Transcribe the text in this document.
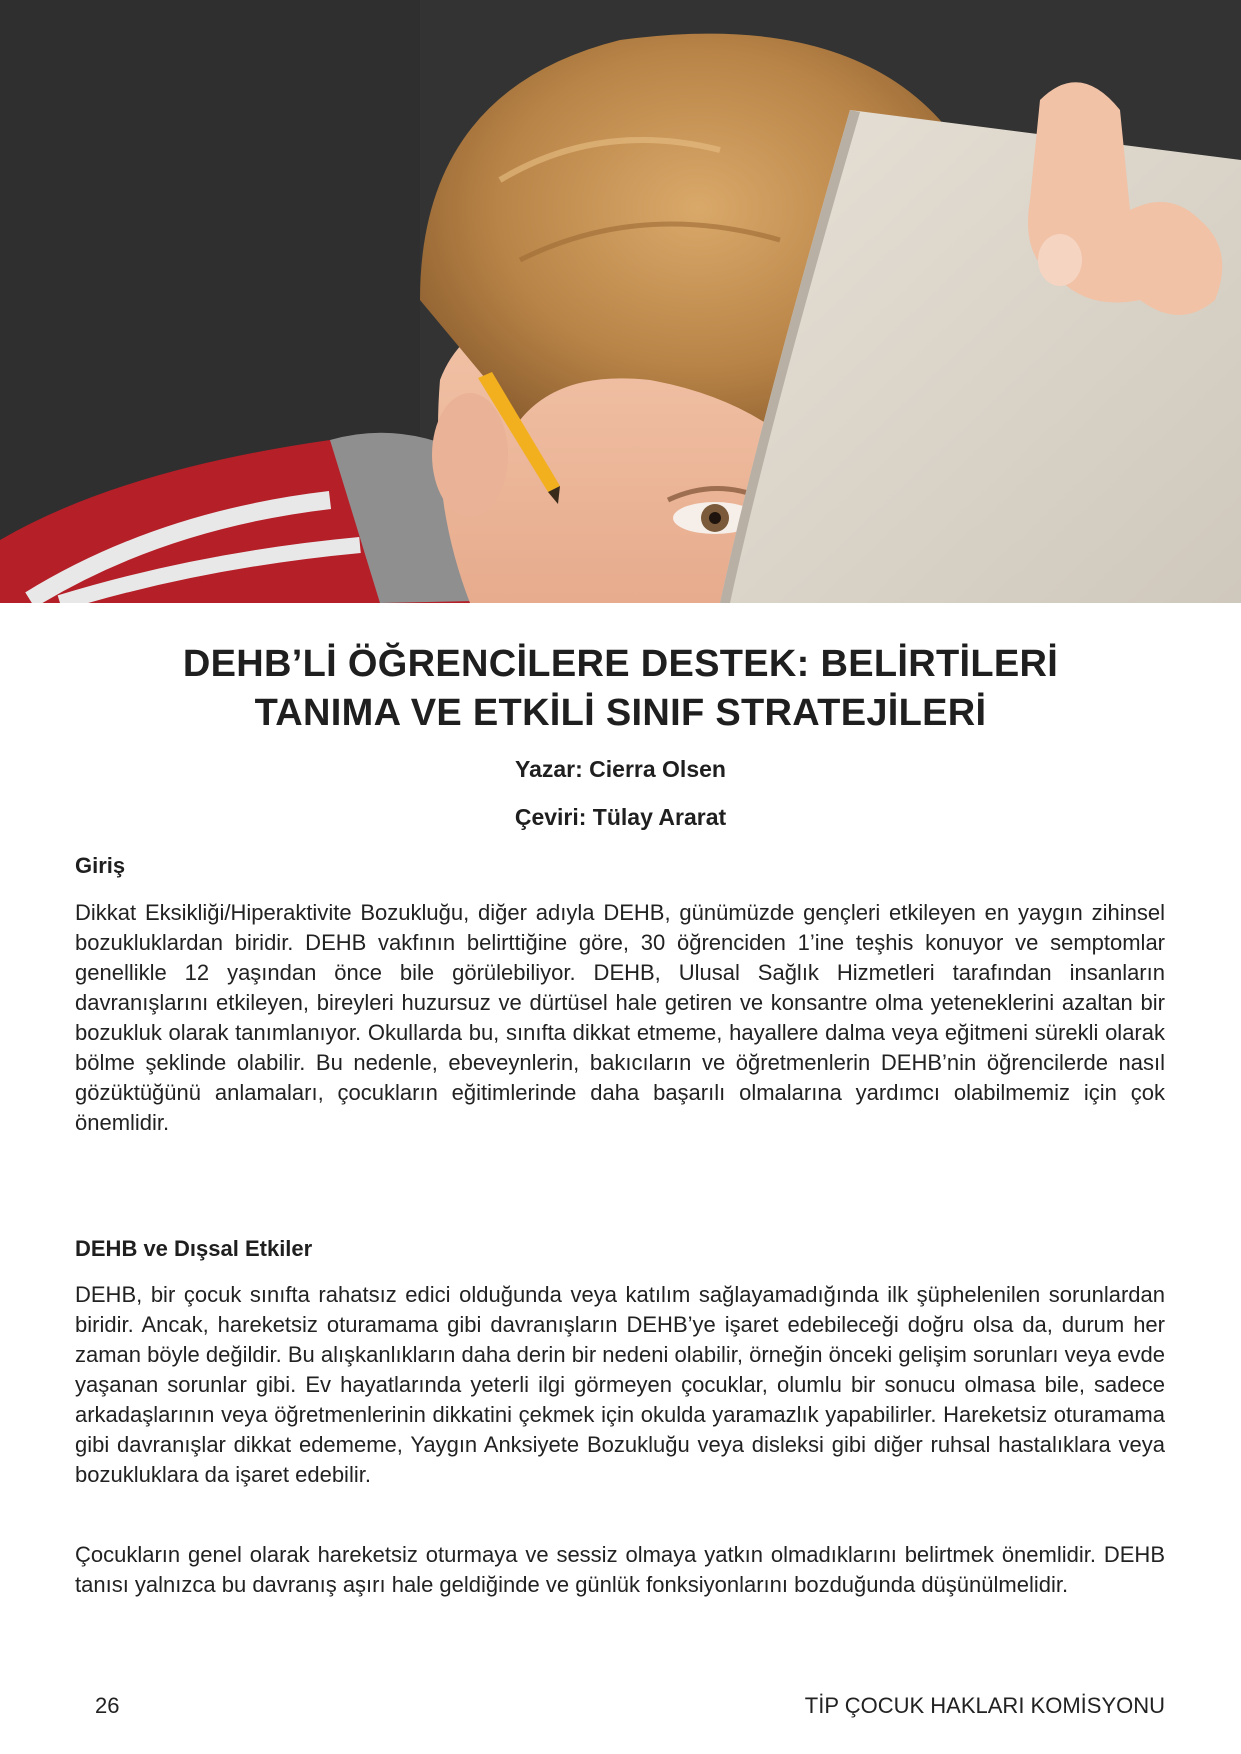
DEHB’Lİ ÖĞRENCİLERE DESTEK: BELİRTİLERİ
TANIMA VE ETKİLİ SINIF STRATEJİLERİ
Yazar: Cierra Olsen
Çeviri: Tülay Ararat
Giriş

Dikkat Eksikliği/Hiperaktivite Bozukluğu, diğer adıyla DEHB, günümüzde gençleri etkileyen en yaygın zihinsel bozukluklardan biridir. DEHB vakfının belirttiğine göre, 30 öğrenciden 1’ine teşhis konuyor ve semptomlar genellikle 12 yaşından önce bile görülebiliyor. DEHB, Ulusal Sağlık Hizmetleri tarafından insanların davranışlarını etkileyen, bireyleri huzursuz ve dürtüsel hale getiren ve konsantre olma yeteneklerini azaltan bir bozukluk olarak tanımlanıyor. Okullarda bu, sınıfta dikkat etmeme, hayallere dalma veya eğitmeni sürekli olarak bölme şeklinde olabilir. Bu nedenle, ebeveynlerin, bakıcıların ve öğretmenlerin DEHB’nin öğrencilerde nasıl gözüktüğünü anlamaları, çocukların eğitimlerinde daha başarılı olmalarına yardımcı olabilmemiz için çok önemlidir.

DEHB ve Dışsal Etkiler

DEHB, bir çocuk sınıfta rahatsız edici olduğunda veya katılım sağlayamadığında ilk şüphelenilen sorunlardan biridir. Ancak, hareketsiz oturamama gibi davranışların DEHB’ye işaret edebileceği doğru olsa da, durum her zaman böyle değildir. Bu alışkanlıkların daha derin bir nedeni olabilir, örneğin önceki gelişim sorunları veya evde yaşanan sorunlar gibi. Ev hayatlarında yeterli ilgi görmeyen çocuklar, olumlu bir sonucu olmasa bile, sadece arkadaşlarının veya öğretmenlerinin dikkatini çekmek için okulda yaramazlık yapabilirler. Hareketsiz oturamama gibi davranışlar dikkat edememe, Yaygın Anksiyete Bozukluğu veya disleksi gibi diğer ruhsal hastalıklara veya bozukluklara da işaret edebilir.

Çocukların genel olarak hareketsiz oturmaya ve sessiz olmaya yatkın olmadıklarını belirtmek önemlidir. DEHB tanısı yalnızca bu davranış aşırı hale geldiğinde ve günlük fonksiyonlarını bozduğunda düşünülmelidir.

26	TİP ÇOCUK HAKLARI KOMİSYONU
